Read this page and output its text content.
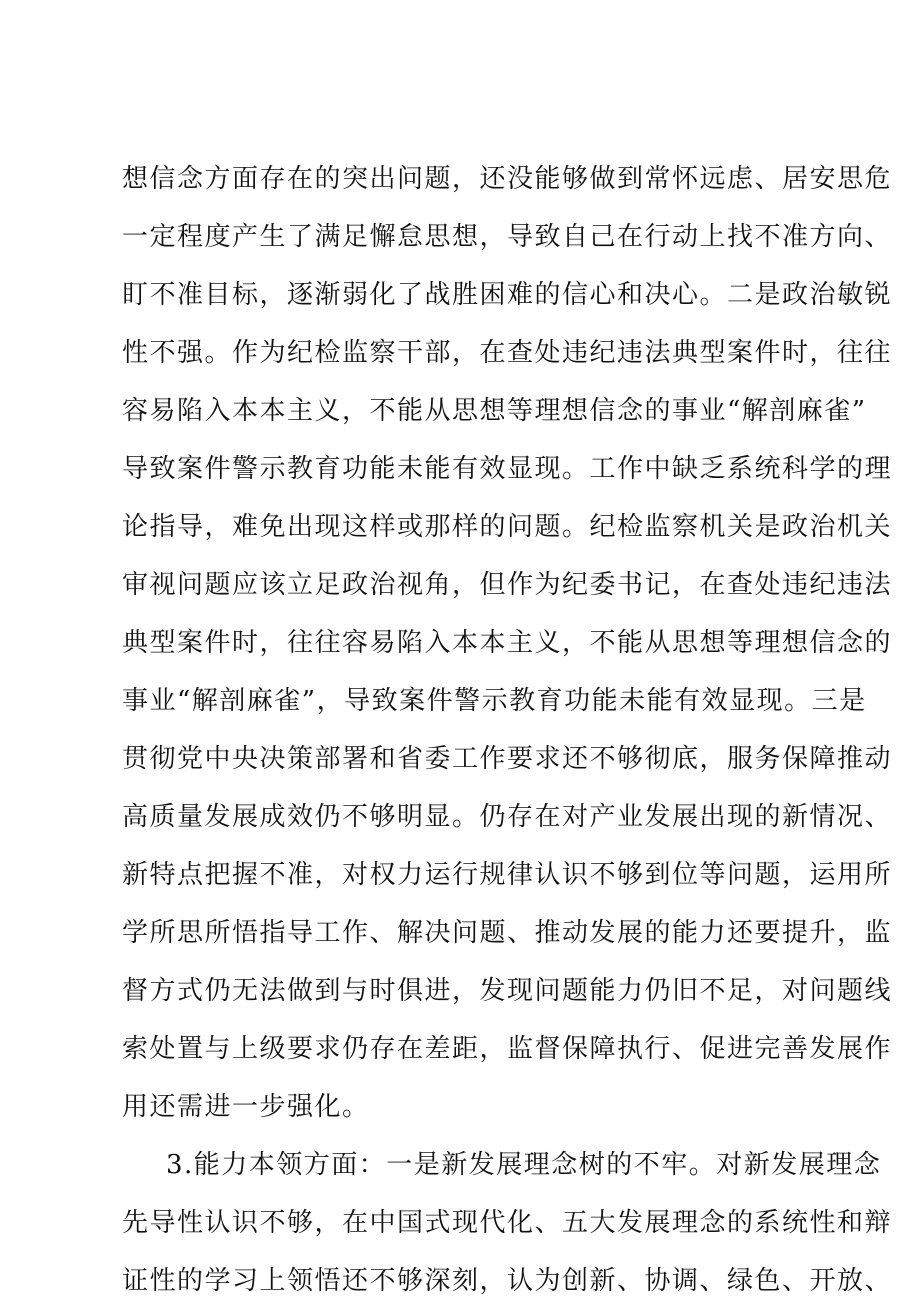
想信念方面存在的突出问题，还没能够做到常怀远虑、居安思危
一定程度产生了满足懈怠思想，导致自己在行动上找不准方向、
盯不准目标，逐渐弱化了战胜困难的信心和决心。二是政治敏锐
性不强。作为纪检监察干部，在查处违纪违法典型案件时，往往
容易陷入本本主义，不能从思想等理想信念的事业“解剖麻雀”
导致案件警示教育功能未能有效显现。工作中缺乏系统科学的理
论指导，难免出现这样或那样的问题。纪检监察机关是政治机关
审视问题应该立足政治视角，但作为纪委书记，在查处违纪违法
典型案件时，往往容易陷入本本主义，不能从思想等理想信念的
事业“解剖麻雀”，导致案件警示教育功能未能有效显现。三是
贯彻党中央决策部署和省委工作要求还不够彻底，服务保障推动
高质量发展成效仍不够明显。仍存在对产业发展出现的新情况、
新特点把握不准，对权力运行规律认识不够到位等问题，运用所
学所思所悟指导工作、解决问题、推动发展的能力还要提升，监
督方式仍无法做到与时俱进，发现问题能力仍旧不足，对问题线
索处置与上级要求仍存在差距，监督保障执行、促进完善发展作
用还需进一步强化。
3.能力本领方面：一是新发展理念树的不牢。对新发展理念
先导性认识不够，在中国式现代化、五大发展理念的系统性和辩
证性的学习上领悟还不够深刻，认为创新、协调、绿色、开放、
